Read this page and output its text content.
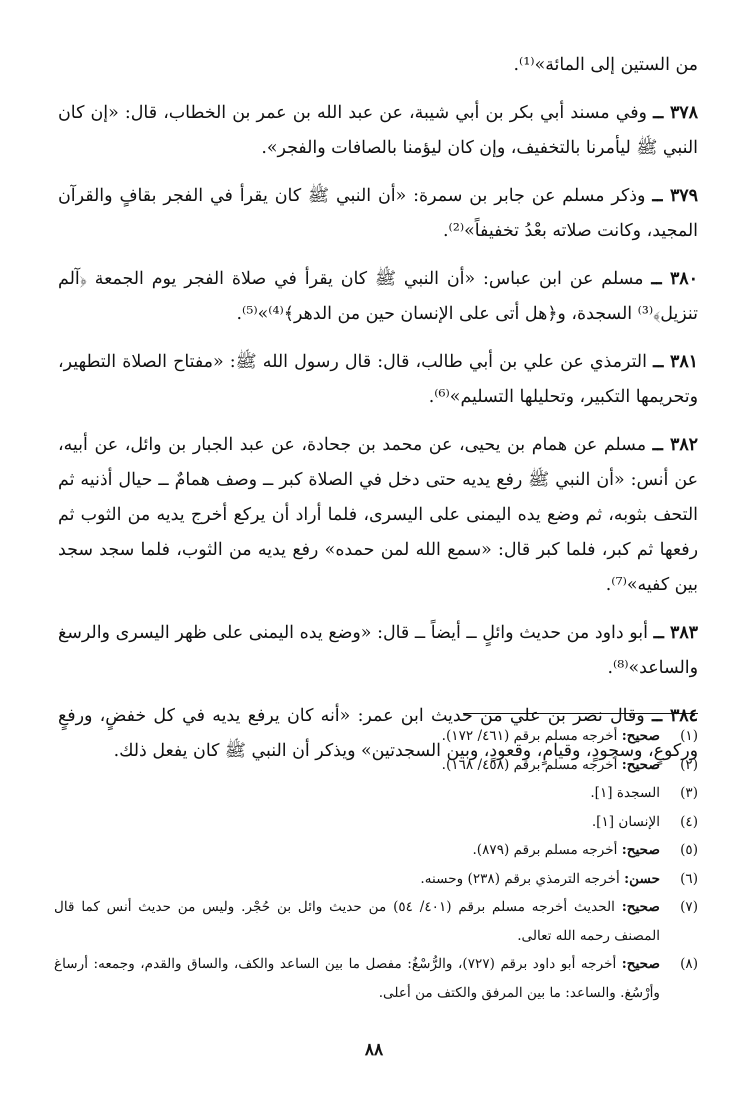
من الستين إلى المائة»⁽¹⁾.

٣٧٨ ــ وفي مسند أبي بكر بن أبي شيبة، عن عبد الله بن عمر بن الخطاب، قال: «إن كان النبي ﷺ ليأمرنا بالتخفيف، وإن كان ليؤمنا بالصافات والفجر».

٣٧٩ ــ وذكر مسلم عن جابر بن سمرة: «أن النبي ﷺ كان يقرأ في الفجر بقافٍ والقرآن المجيد، وكانت صلاته بعْدُ تخفيفاً»⁽²⁾.

٣٨٠ ــ مسلم عن ابن عباس: «أن النبي ﷺ كان يقرأ في صلاة الفجر يوم الجمعة ﴿آلم تنزيل﴾⁽³⁾ السجدة، و﴿هل أتى على الإنسان حين من الدهر﴾⁽⁴⁾»⁽⁵⁾.

٣٨١ ــ الترمذي عن علي بن أبي طالب، قال: قال رسول الله ﷺ: «مفتاح الصلاة التطهير، وتحريمها التكبير، وتحليلها التسليم»⁽⁶⁾.

٣٨٢ ــ مسلم عن همام بن يحيى، عن محمد بن جحادة، عن عبد الجبار بن وائل، عن أبيه، عن أنس: «أن النبي ﷺ رفع يديه حتى دخل في الصلاة كبر ــ وصف همامٌ ــ حيال أذنيه ثم التحف بثوبه، ثم وضع يده اليمنى على اليسرى، فلما أراد أن يركع أخرج يديه من الثوب ثم رفعها ثم كبر، فلما كبر قال: «سمع الله لمن حمده» رفع يديه من الثوب، فلما سجد سجد بين كفيه»⁽⁷⁾.

٣٨٣ ــ أبو داود من حديث وائلٍ ــ أيضاً ــ قال: «وضع يده اليمنى على ظهر اليسرى والرسغ والساعد»⁽⁸⁾.

٣٨٤ ــ وقال نصر بن علي من حديث ابن عمر: «أنه كان يرفع يديه في كل خفضٍ، ورفعٍ وركوعٍ، وسجودٍ، وقيامٍ، وقعودٍ، وبين السجدتين» ويذكر أن النبي ﷺ كان يفعل ذلك.

(١)
صحيح: أخرجه مسلم برقم (٤٦١/ ١٧٢).
(٢)
صحيح: أخرجه مسلم برقم (٤٥٨/ ١٦٨).
(٣)
السجدة [١].
(٤)
الإنسان [١].
(٥)
صحيح: أخرجه مسلم برقم (٨٧٩).
(٦)
حسن: أخرجه الترمذي برقم (٢٣٨) وحسنه.
(٧)
صحيح: الحديث أخرجه مسلم برقم (٤٠١/ ٥٤) من حديث وائل بن حُجْر. وليس من حديث أنس كما قال المصنف رحمه الله تعالى.
(٨)
صحيح: أخرجه أبو داود برقم (٧٢٧)، والرُّسْغُ: مفصل ما بين الساعد والكف، والساق والقدم، وجمعه: أرساغ وأرْسُغ. والساعد: ما بين المرفق والكتف من أعلى.
٨٨
